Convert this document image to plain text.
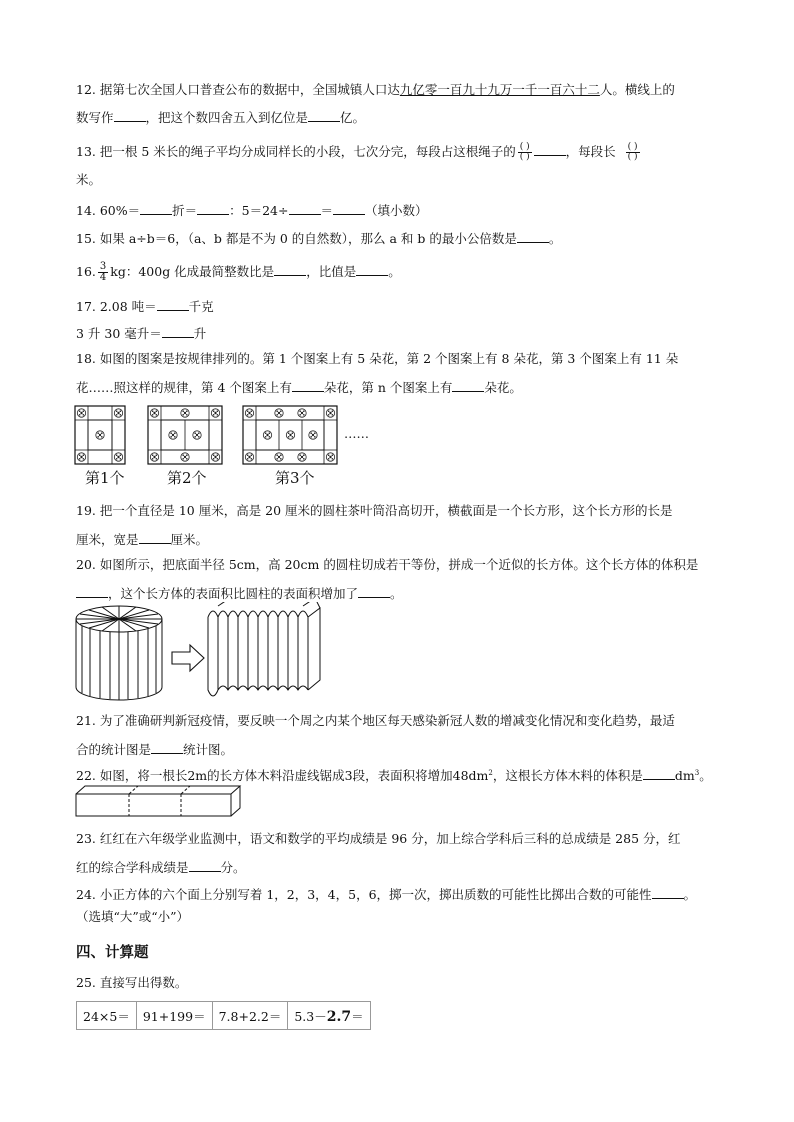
12. 据第七次全国人口普查公布的数据中，全国城镇人口达九亿零一百九十九万一千一百六十二人。横线上的
数写作	，把这个数四舍五入到亿位是	亿。
13. 把一根 5 米长的绳子平均分成同样长的小段，七次分完，每段占这根绳子的 $\frac{( )}{( )}$	，每段长 $\frac{( )}{( )}$
米。
14. 60%＝	折＝	：5＝24÷	＝	（填小数）
15. 如果 a÷b＝6，（a、b 都是不为 0 的自然数），那么 a 和 b 的最小公倍数是	。
16. $\frac{3}{4}$ kg：400g 化成最简整数比是	，比值是	。
17. 2.08 吨＝	千克
3 升 30 毫升＝	升
18. 如图的图案是按规律排列的。第 1 个图案上有 5 朵花，第 2 个图案上有 8 朵花，第 3 个图案上有 11 朵
花……照这样的规律，第 4 个图案上有	朵花，第 n 个图案上有	朵花。
……
第1个	第2个	第3个
19. 把一个直径是 10 厘米，高是 20 厘米的圆柱茶叶筒沿高切开，横截面是一个长方形，这个长方形的长是
厘米，宽是	厘米。
20. 如图所示，把底面半径 5cm，高 20cm 的圆柱切成若干等份，拼成一个近似的长方体。这个长方体的体积是
，这个长方体的表面积比圆柱的表面积增加了	。
21. 为了准确研判新冠疫情，要反映一个周之内某个地区每天感染新冠人数的增减变化情况和变化趋势，最适
合的统计图是	统计图。
22. 如图，将一根长2m的长方体木料沿虚线锯成3段，表面积将增加$48dm^2$，这根长方体木料的体积是	$dm^3$。
23. 红红在六年级学业监测中，语文和数学的平均成绩是 96 分，加上综合学科后三科的总成绩是 285 分，红
红的综合学科成绩是	分。
24. 小正方体的六个面上分别写着 1，2，3，4，5，6，掷一次，掷出质数的可能性比掷出合数的可能性	。
（选填“大”或“小”）
四、计算题
25. 直接写出得数。
24×5＝	91+199＝	7.8+2.2＝	5.3－2.7＝
